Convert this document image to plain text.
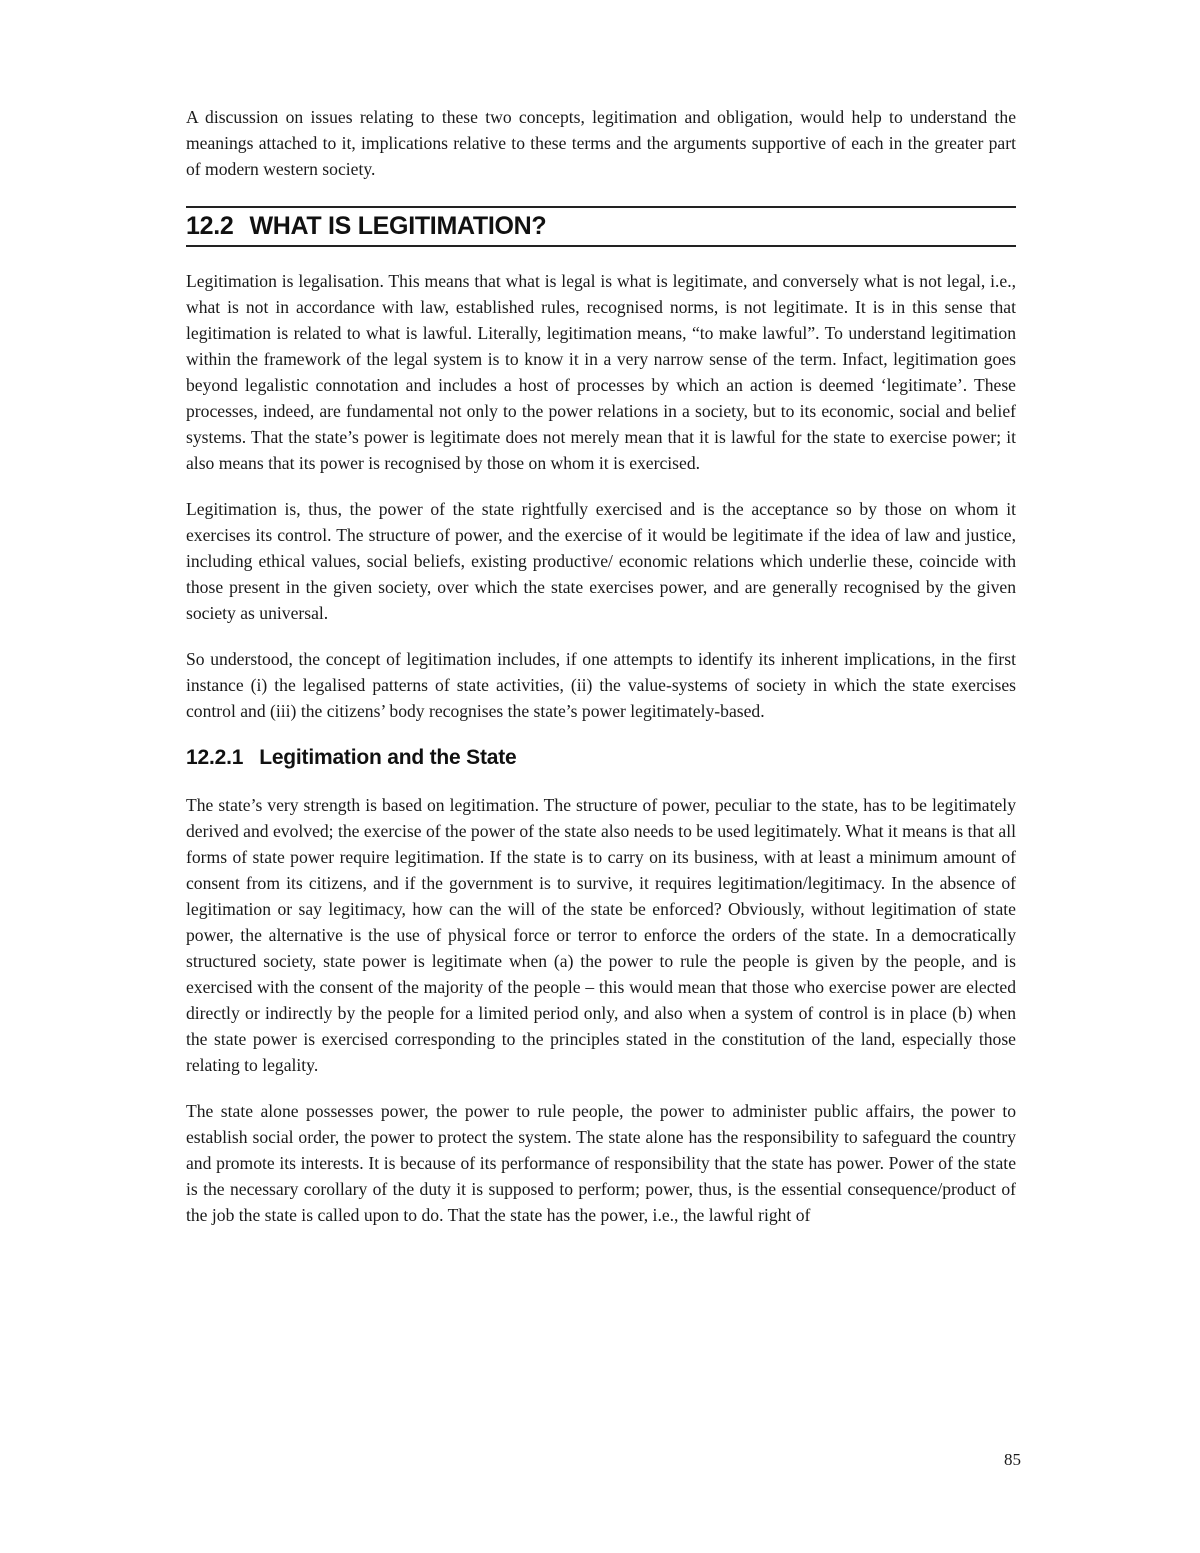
A discussion on issues relating to these two concepts, legitimation and obligation, would help to understand the meanings attached to it, implications relative to these terms and the arguments supportive of each in the greater part of modern western society.

12.2 WHAT IS LEGITIMATION?

Legitimation is legalisation. This means that what is legal is what is legitimate, and conversely what is not legal, i.e., what is not in accordance with law, established rules, recognised norms, is not legitimate. It is in this sense that legitimation is related to what is lawful. Literally, legitimation means, “to make lawful”. To understand legitimation within the framework of the legal system is to know it in a very narrow sense of the term. Infact, legitimation goes beyond legalistic connotation and includes a host of processes by which an action is deemed ‘legitimate’. These processes, indeed, are fundamental not only to the power relations in a society, but to its economic, social and belief systems. That the state’s power is legitimate does not merely mean that it is lawful for the state to exercise power; it also means that its power is recognised by those on whom it is exercised.

Legitimation is, thus, the power of the state rightfully exercised and is the acceptance so by those on whom it exercises its control. The structure of power, and the exercise of it would be legitimate if the idea of law and justice, including ethical values, social beliefs, existing productive/ economic relations which underlie these, coincide with those present in the given society, over which the state exercises power, and are generally recognised by the given society as universal.

So understood, the concept of legitimation includes, if one attempts to identify its inherent implications, in the first instance (i) the legalised patterns of state activities, (ii) the value-systems of society in which the state exercises control and (iii) the citizens’ body recognises the state’s power legitimately-based.

12.2.1 Legitimation and the State

The state’s very strength is based on legitimation. The structure of power, peculiar to the state, has to be legitimately derived and evolved; the exercise of the power of the state also needs to be used legitimately. What it means is that all forms of state power require legitimation. If the state is to carry on its business, with at least a minimum amount of consent from its citizens, and if the government is to survive, it requires legitimation/legitimacy. In the absence of legitimation or say legitimacy, how can the will of the state be enforced? Obviously, without legitimation of state power, the alternative is the use of physical force or terror to enforce the orders of the state. In a democratically structured society, state power is legitimate when (a) the power to rule the people is given by the people, and is exercised with the consent of the majority of the people – this would mean that those who exercise power are elected directly or indirectly by the people for a limited period only, and also when a system of control is in place (b) when the state power is exercised corresponding to the principles stated in the constitution of the land, especially those relating to legality.

The state alone possesses power, the power to rule people, the power to administer public affairs, the power to establish social order, the power to protect the system. The state alone has the responsibility to safeguard the country and promote its interests. It is because of its performance of responsibility that the state has power. Power of the state is the necessary corollary of the duty it is supposed to perform; power, thus, is the essential consequence/product of the job the state is called upon to do. That the state has the power, i.e., the lawful right of

85
